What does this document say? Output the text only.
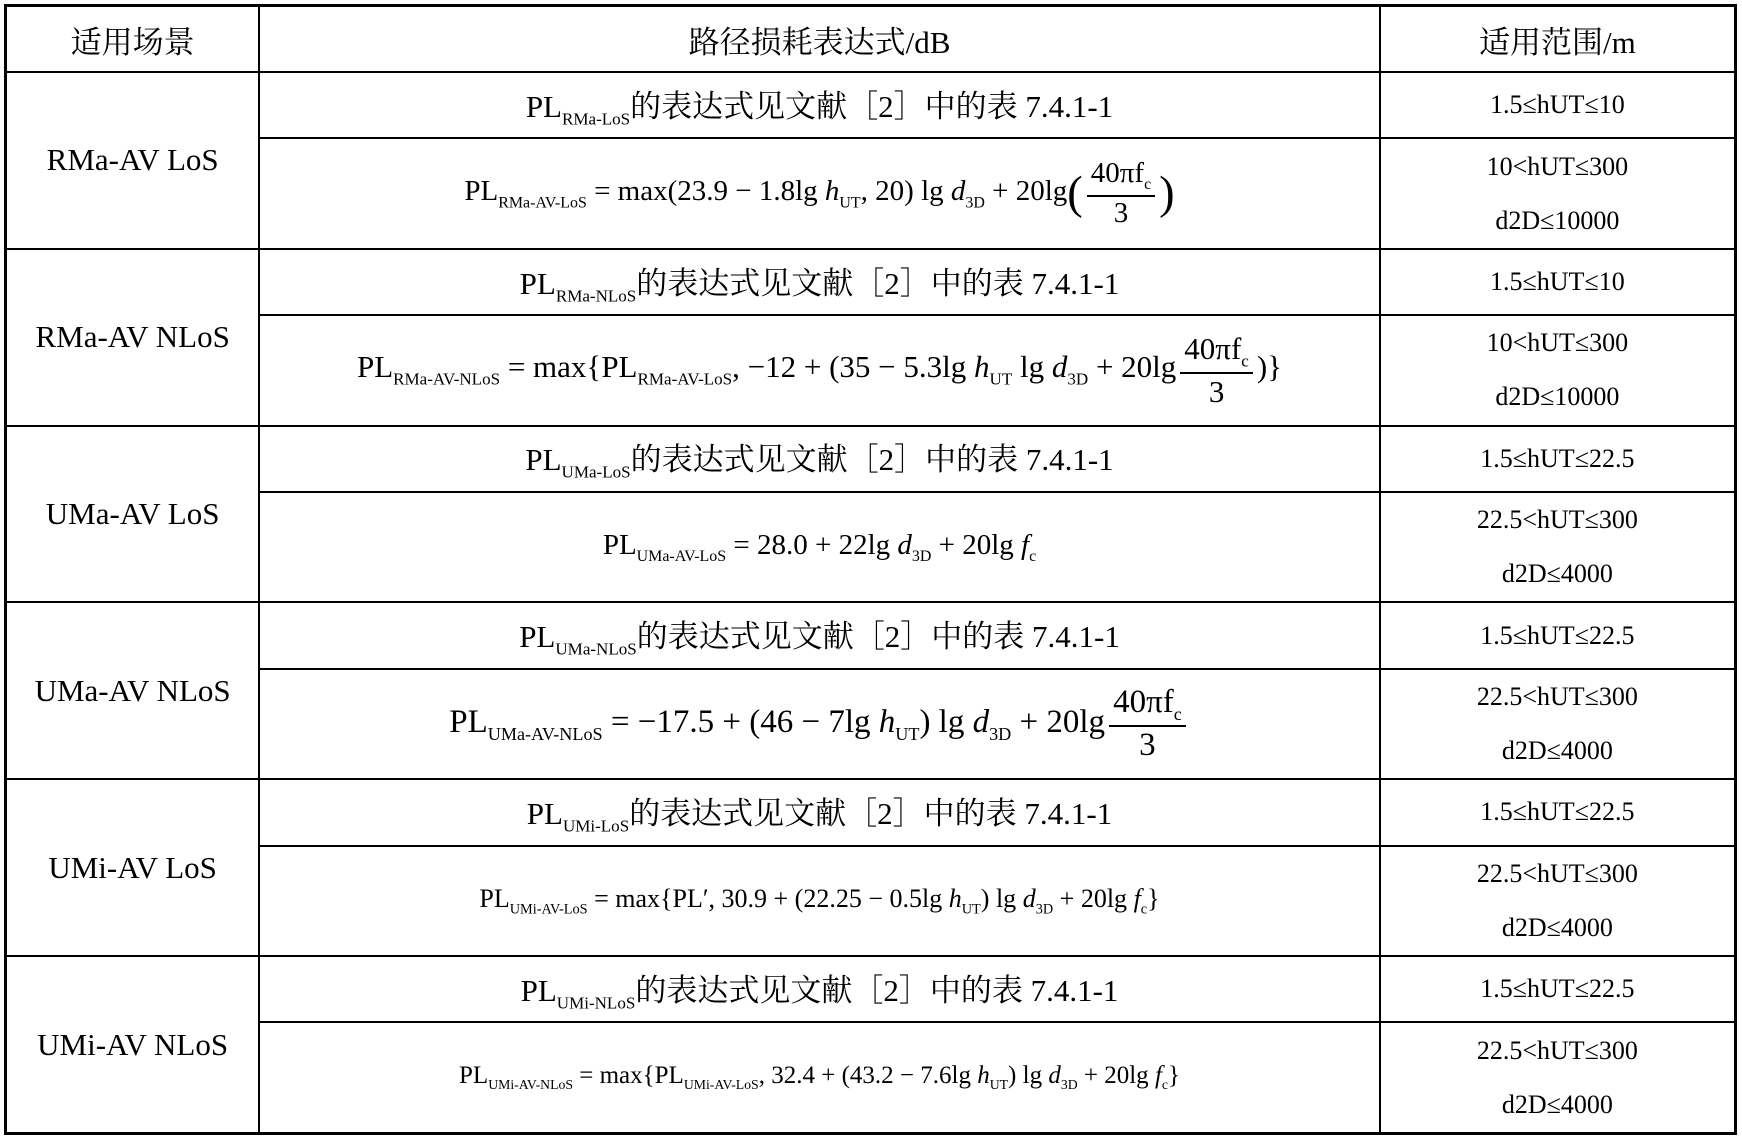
适用场景	路径损耗表达式/dB	适用范围/m
RMa-AV LoS	$PL_{RMa-LoS}$的表达式见文献［2］中的表 7.4.1-1	1.5≤hUT≤10
	$PL_{RMa-AV-LoS} = \max(23.9 - 1.8\lg$ $h_{UT}$, 20) $\lg d_{3D} + 20\lg( \frac{40\pi f_c}{3}$ )	10<hUT≤300
d2D≤10000

RMa-AV NLoS	$PL_{RMa-NLoS}$的表达式见文献［2］中的表 7.4.1-1	1.5≤hUT≤10
	$PL_{RMa-AV-NLoS} = \max\{PL_{RMa-AV-LoS}$, −12 + (35 − 5.3lg $h_{UT}$ $\lg d_{3D} + 20\lg \frac{40\pi f_c}{3}$ )}	10<hUT≤300
d2D≤10000

UMa-AV LoS	$PL_{UMa-LoS}$的表达式见文献［2］中的表 7.4.1-1	1.5≤hUT≤22.5
	$PL_{UMa-AV-LoS} = 28.0 + 22\lg$ $d_{3D} + 20\lg$ $f_c$	22.5<hUT≤300
d2D≤4000

UMa-AV NLoS	$PL_{UMa-NLoS}$的表达式见文献［2］中的表 7.4.1-1	1.5≤hUT≤22.5
	$PL_{UMa-AV-NLoS} = -17.5 + (46 - 7\lg$ $h_{UT}$) $\lg d_{3D} + 20\lg \frac{40\pi f_c}{3}$	22.5<hUT≤300
d2D≤4000

UMi-AV LoS	$PL_{UMi-LoS}$的表达式见文献［2］中的表 7.4.1-1	1.5≤hUT≤22.5
	$PL_{UMi-AV-LoS} = \max\{PL'$, 30.9 + (22.25 − 0.5lg $h_{UT}$) $\lg d_{3D} + 20\lg$ $f_c$}	22.5<hUT≤300
d2D≤4000

UMi-AV NLoS	$PL_{UMi-NLoS}$的表达式见文献［2］中的表 7.4.1-1	1.5≤hUT≤22.5
	$PL_{UMi-AV-NLoS} = \max\{PL_{UMi-AV-LoS}$, 32.4 + (43.2 − 7.6lg $h_{UT}$) $\lg d_{3D} + 20\lg$ $f_c$}	22.5<hUT≤300
d2D≤4000
